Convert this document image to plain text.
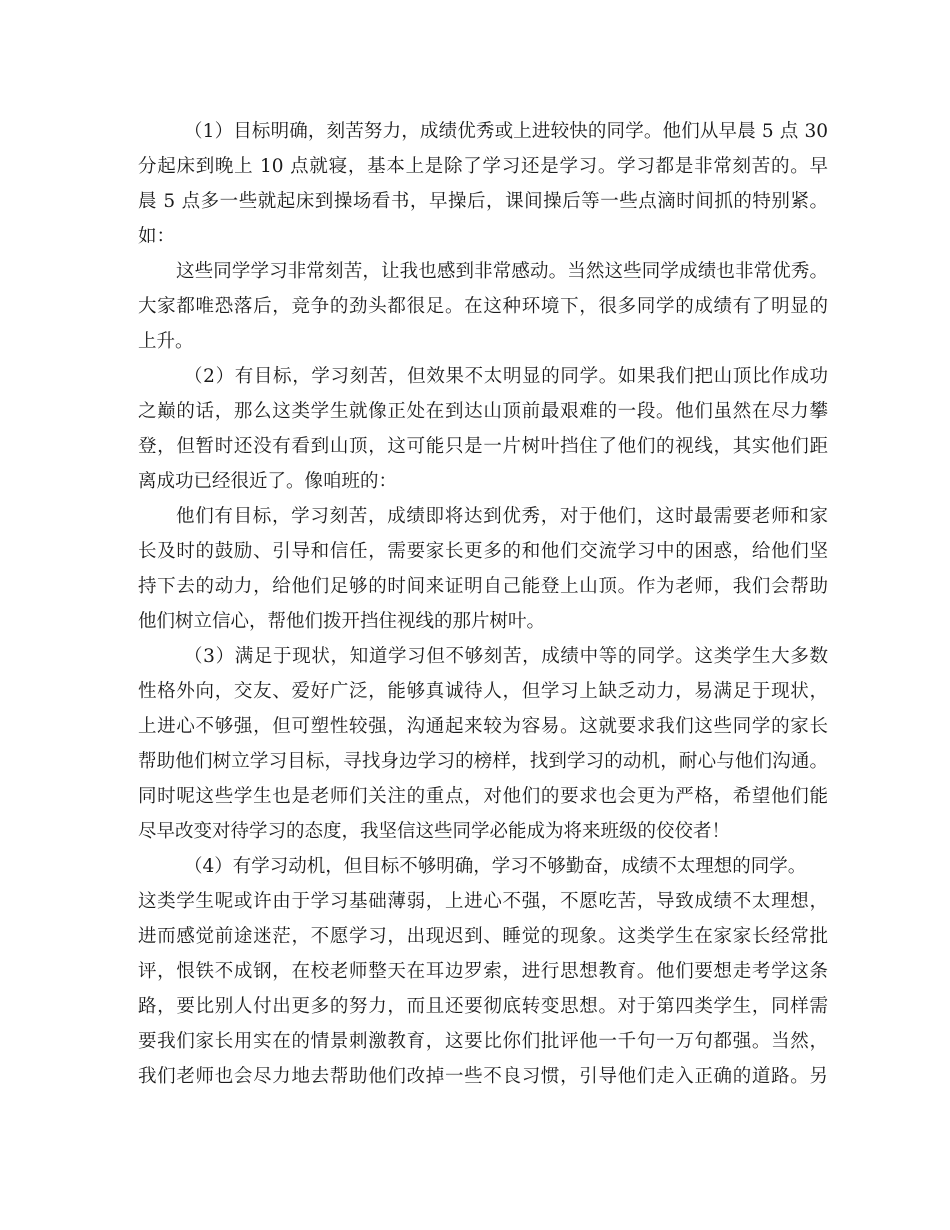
（1）目标明确，刻苦努力，成绩优秀或上进较快的同学。他们从早晨 5 点 30
分起床到晚上 10 点就寝，基本上是除了学习还是学习。学习都是非常刻苦的。早
晨 5 点多一些就起床到操场看书，早操后，课间操后等一些点滴时间抓的特别紧。
如：
这些同学学习非常刻苦，让我也感到非常感动。当然这些同学成绩也非常优秀。
大家都唯恐落后，竞争的劲头都很足。在这种环境下，很多同学的成绩有了明显的
上升。
（2）有目标，学习刻苦，但效果不太明显的同学。如果我们把山顶比作成功
之巅的话，那么这类学生就像正处在到达山顶前最艰难的一段。他们虽然在尽力攀
登，但暂时还没有看到山顶，这可能只是一片树叶挡住了他们的视线，其实他们距
离成功已经很近了。像咱班的：
他们有目标，学习刻苦，成绩即将达到优秀，对于他们，这时最需要老师和家
长及时的鼓励、引导和信任，需要家长更多的和他们交流学习中的困惑，给他们坚
持下去的动力，给他们足够的时间来证明自己能登上山顶。作为老师，我们会帮助
他们树立信心，帮他们拨开挡住视线的那片树叶。
（3）满足于现状，知道学习但不够刻苦，成绩中等的同学。这类学生大多数
性格外向，交友、爱好广泛，能够真诚待人，但学习上缺乏动力，易满足于现状，
上进心不够强，但可塑性较强，沟通起来较为容易。这就要求我们这些同学的家长
帮助他们树立学习目标，寻找身边学习的榜样，找到学习的动机，耐心与他们沟通。
同时呢这些学生也是老师们关注的重点，对他们的要求也会更为严格，希望他们能
尽早改变对待学习的态度，我坚信这些同学必能成为将来班级的佼佼者！
（4）有学习动机，但目标不够明确，学习不够勤奋，成绩不太理想的同学。
这类学生呢或许由于学习基础薄弱，上进心不强，不愿吃苦，导致成绩不太理想，
进而感觉前途迷茫，不愿学习，出现迟到、睡觉的现象。这类学生在家家长经常批
评，恨铁不成钢，在校老师整天在耳边罗索，进行思想教育。他们要想走考学这条
路，要比别人付出更多的努力，而且还要彻底转变思想。对于第四类学生，同样需
要我们家长用实在的情景刺激教育，这要比你们批评他一千句一万句都强。当然，
我们老师也会尽力地去帮助他们改掉一些不良习惯，引导他们走入正确的道路。另
